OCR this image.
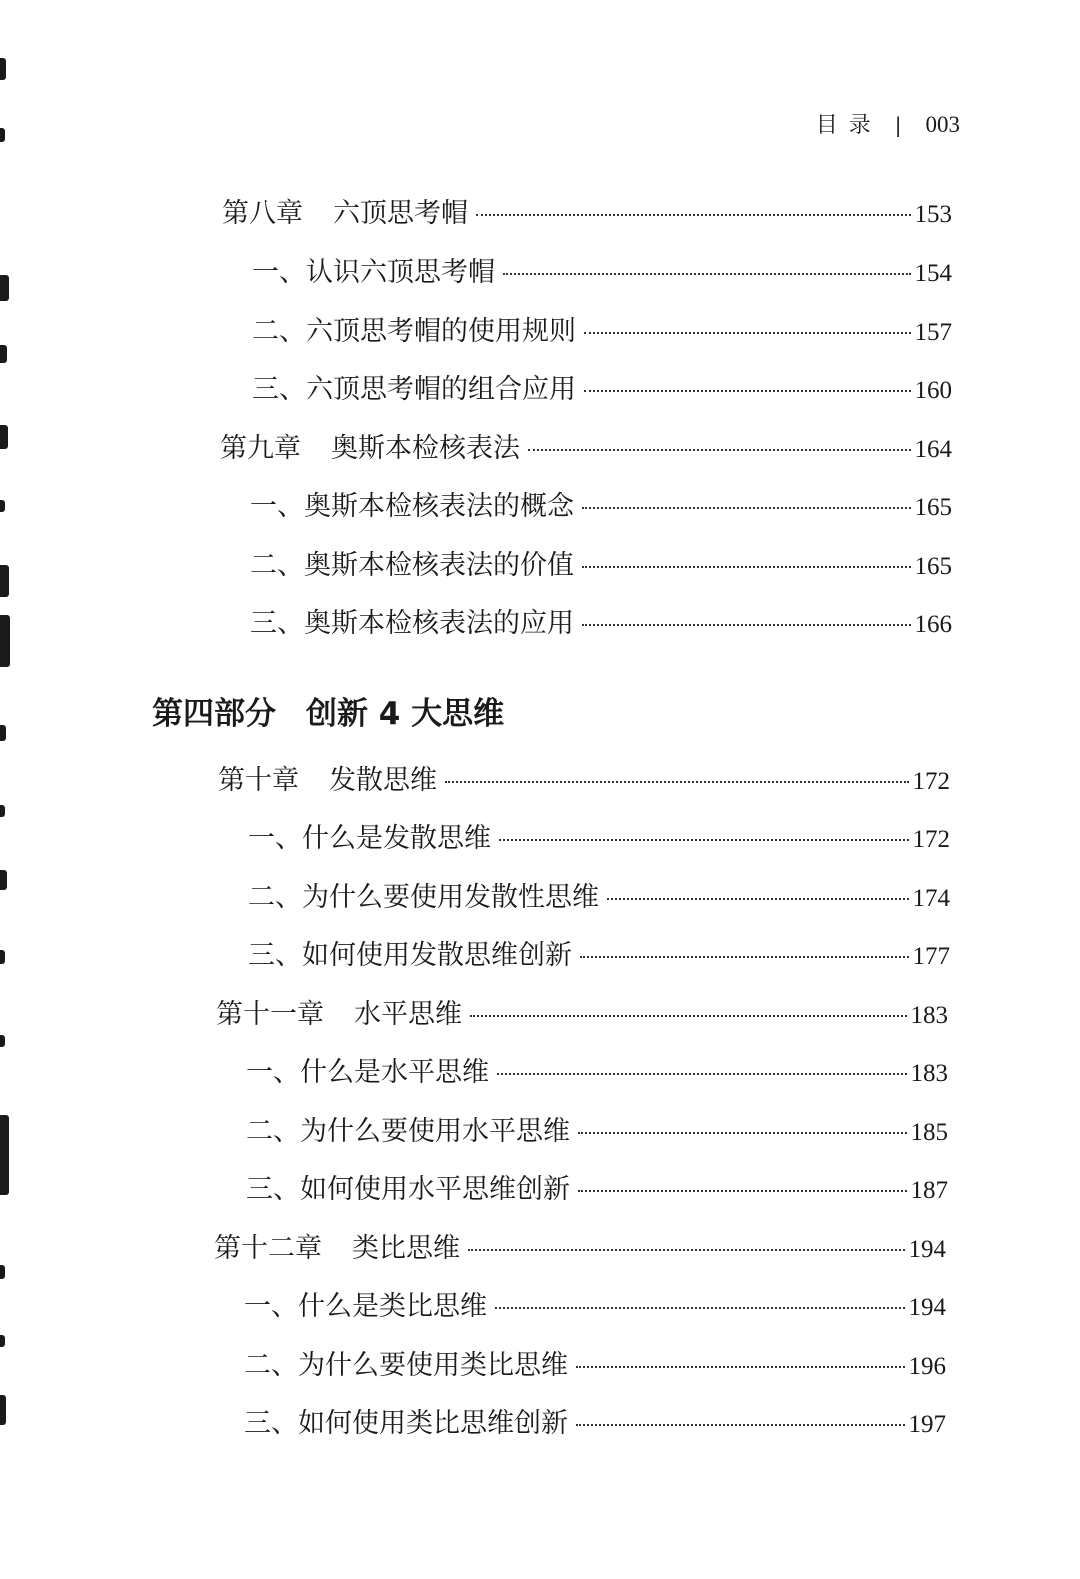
目 录 | 003
第八章 六顶思考帽	153
一、认识六顶思考帽	154
二、六顶思考帽的使用规则	157
三、六顶思考帽的组合应用	160
第九章 奥斯本检核表法	164
一、奥斯本检核表法的概念	165
二、奥斯本检核表法的价值	165
三、奥斯本检核表法的应用	166
第四部分 创新 4 大思维
第十章 发散思维	172
一、什么是发散思维	172
二、为什么要使用发散性思维	174
三、如何使用发散思维创新	177
第十一章 水平思维	183
一、什么是水平思维	183
二、为什么要使用水平思维	185
三、如何使用水平思维创新	187
第十二章 类比思维	194
一、什么是类比思维	194
二、为什么要使用类比思维	196
三、如何使用类比思维创新	197
